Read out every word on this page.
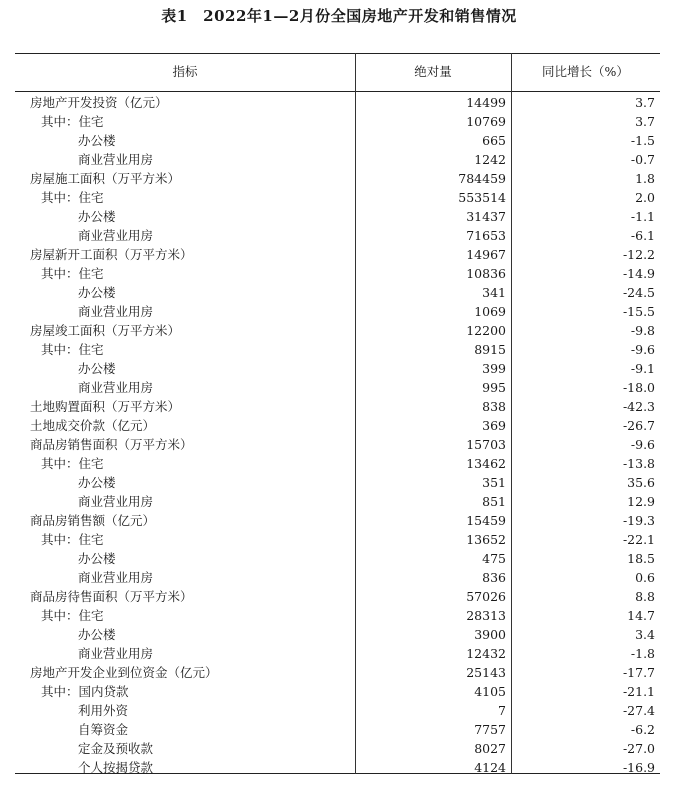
表1　2022年1—2月份全国房地产开发和销售情况
指标	绝对量	同比增长（%）
房地产开发投资（亿元）	14499	3.7
其中：住宅	10769	3.7
办公楼	665	-1.5
商业营业用房	1242	-0.7
房屋施工面积（万平方米）	784459	1.8
其中：住宅	553514	2.0
办公楼	31437	-1.1
商业营业用房	71653	-6.1
房屋新开工面积（万平方米）	14967	-12.2
其中：住宅	10836	-14.9
办公楼	341	-24.5
商业营业用房	1069	-15.5
房屋竣工面积（万平方米）	12200	-9.8
其中：住宅	8915	-9.6
办公楼	399	-9.1
商业营业用房	995	-18.0
土地购置面积（万平方米）	838	-42.3
土地成交价款（亿元）	369	-26.7
商品房销售面积（万平方米）	15703	-9.6
其中：住宅	13462	-13.8
办公楼	351	35.6
商业营业用房	851	12.9
商品房销售额（亿元）	15459	-19.3
其中：住宅	13652	-22.1
办公楼	475	18.5
商业营业用房	836	0.6
商品房待售面积（万平方米）	57026	8.8
其中：住宅	28313	14.7
办公楼	3900	3.4
商业营业用房	12432	-1.8
房地产开发企业到位资金（亿元）	25143	-17.7
其中：国内贷款	4105	-21.1
利用外资	7	-27.4
自筹资金	7757	-6.2
定金及预收款	8027	-27.0
个人按揭贷款	4124	-16.9
